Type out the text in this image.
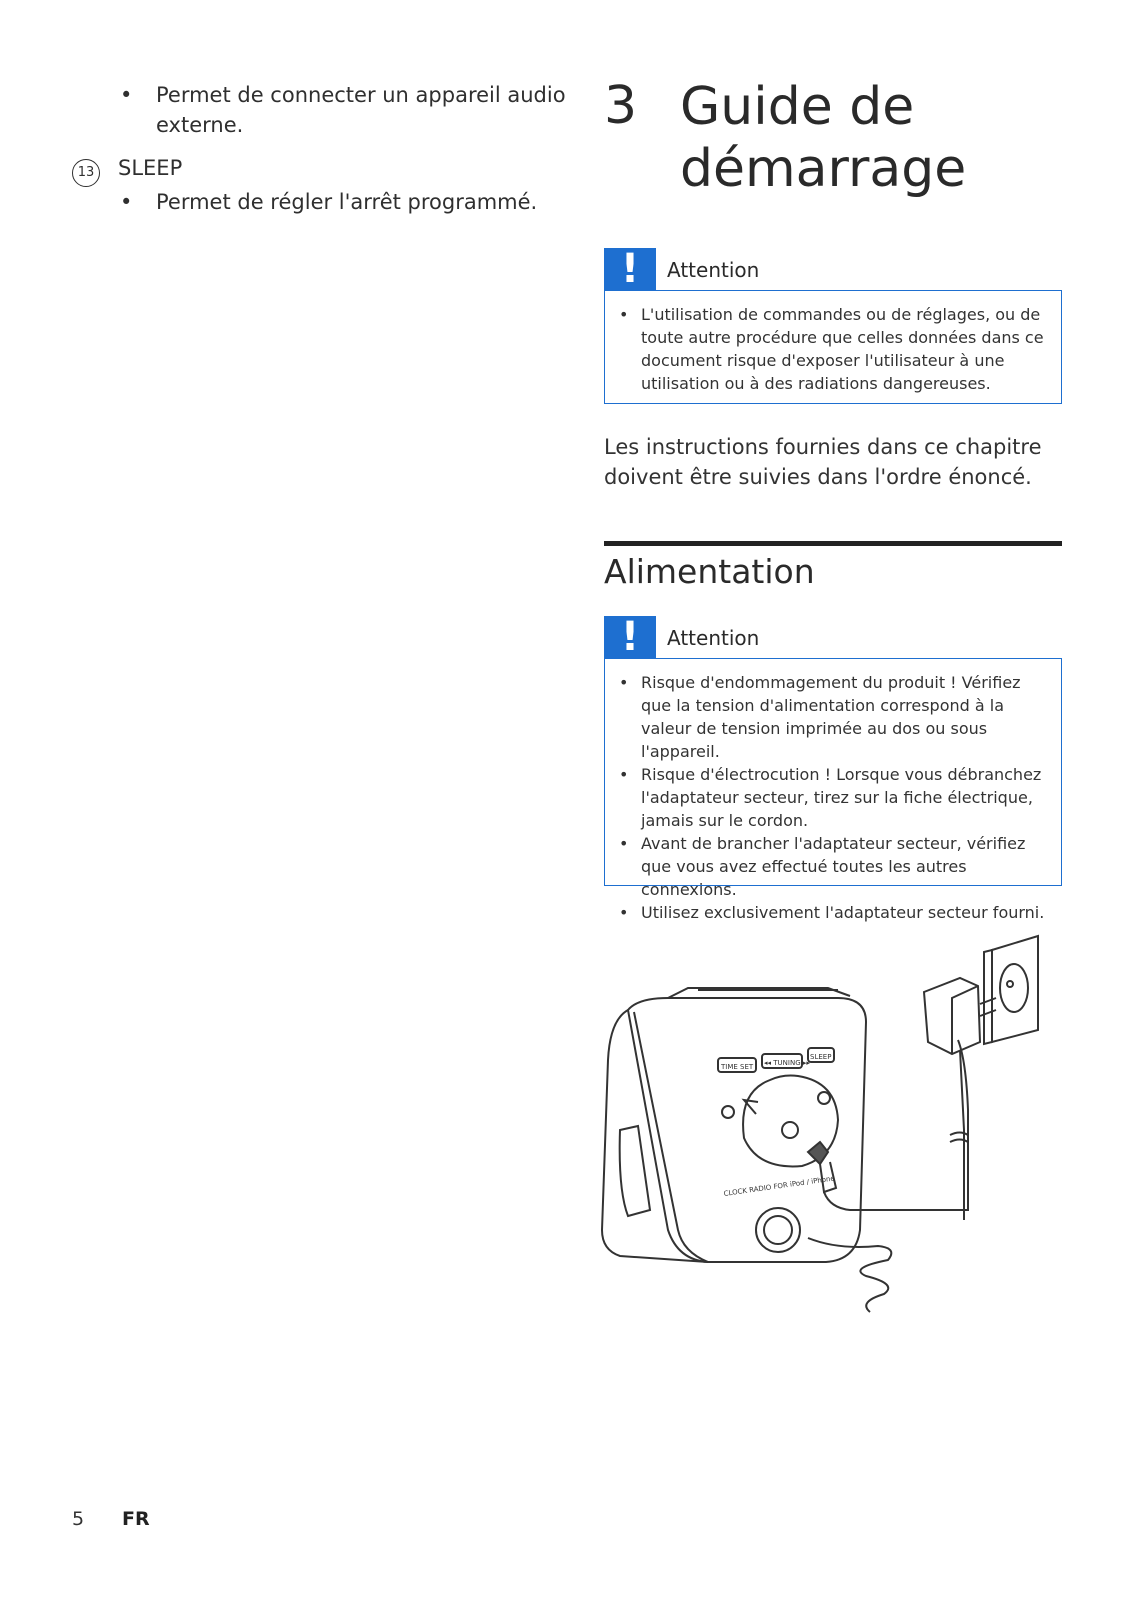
• Permet de connecter un appareil audio externe.
13 SLEEP
• Permet de régler l'arrêt programmé.
3 Guide de démarrage
!	Attention
• L'utilisation de commandes ou de réglages, ou de toute autre procédure que celles données dans ce document risque d'exposer l'utilisateur à une utilisation ou à des radiations dangereuses.
Les instructions fournies dans ce chapitre doivent être suivies dans l'ordre énoncé.
Alimentation
!	Attention
• Risque d'endommagement du produit ! Vérifiez que la tension d'alimentation correspond à la valeur de tension imprimée au dos ou sous l'appareil.
• Risque d'électrocution ! Lorsque vous débranchez l'adaptateur secteur, tirez sur la fiche électrique, jamais sur le cordon.
• Avant de brancher l'adaptateur secteur, vérifiez que vous avez effectué toutes les autres connexions.
• Utilisez exclusivement l'adaptateur secteur fourni.
TIME SET ◂◂ TUNING ▸▸
SLEEP
CLOCK RADIO FOR iPod / iPhone
5 FR
